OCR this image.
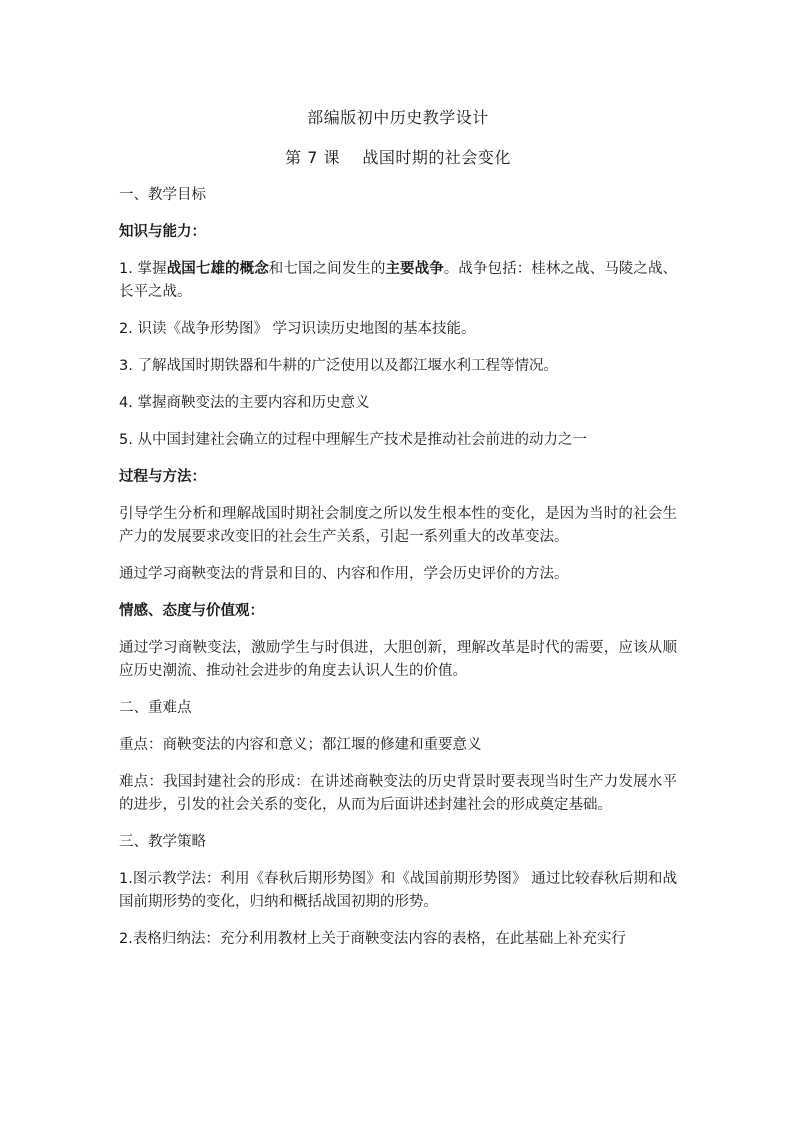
部编版初中历史教学设计
第 7 课    战国时期的社会变化
一、教学目标
知识与能力：
1. 掌握战国七雄的概念和七国之间发生的主要战争。战争包括：桂林之战、马陵之战、长平之战。
2. 识读《战争形势图》 学习识读历史地图的基本技能。
3. 了解战国时期铁器和牛耕的广泛使用以及都江堰水利工程等情况。
4. 掌握商鞅变法的主要内容和历史意义
5. 从中国封建社会确立的过程中理解生产技术是推动社会前进的动力之一
过程与方法：
引导学生分析和理解战国时期社会制度之所以发生根本性的变化，是因为当时的社会生产力的发展要求改变旧的社会生产关系，引起一系列重大的改革变法。
通过学习商鞅变法的背景和目的、内容和作用，学会历史评价的方法。
情感、态度与价值观：
通过学习商鞅变法，激励学生与时俱进，大胆创新，理解改革是时代的需要，应该从顺应历史潮流、推动社会进步的角度去认识人生的价值。
二、重难点
重点：商鞅变法的内容和意义；都江堰的修建和重要意义
难点：我国封建社会的形成：在讲述商鞅变法的历史背景时要表现当时生产力发展水平的进步，引发的社会关系的变化，从而为后面讲述封建社会的形成奠定基础。
三、教学策略
1.图示教学法：利用《春秋后期形势图》和《战国前期形势图》 通过比较春秋后期和战国前期形势的变化，归纳和概括战国初期的形势。
2.表格归纳法：充分利用教材上关于商鞅变法内容的表格，在此基础上补充实行
